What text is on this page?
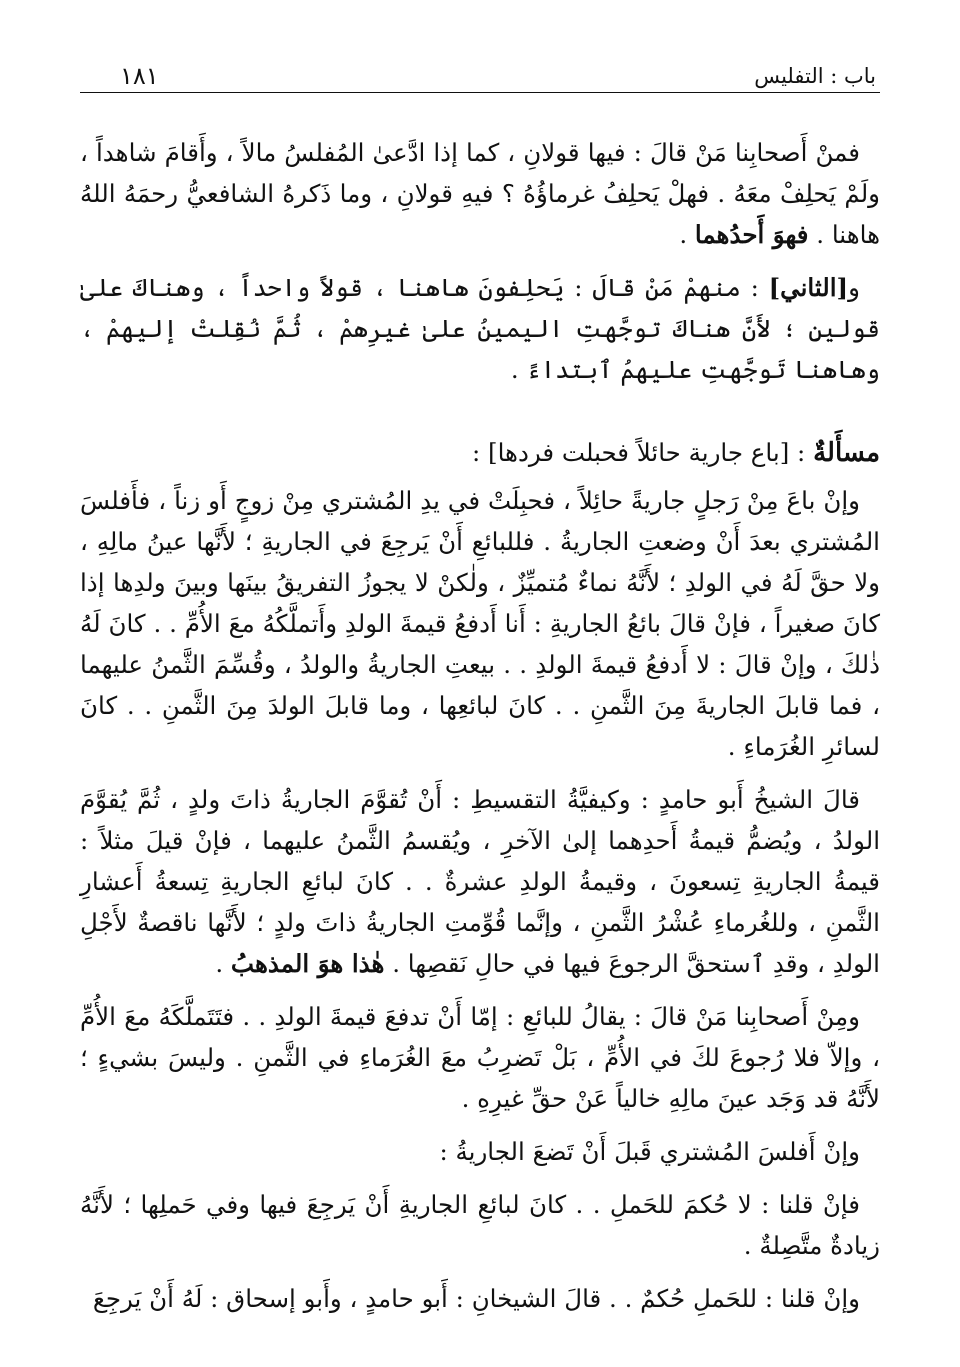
باب : التفليس
١٨١

فمنْ أَصحابِنا مَنْ قالَ : فيها قولانِ ، كما إذا ادَّعىٰ المُفلسُ مالاً ، وأَقامَ شاهداً ، ولَمْ يَحلِفْ معَهُ . فهلْ يَحلِفُ غرماؤُهُ ؟ فيهِ قولانِ ، وما ذَكرهُ الشافعيُّ رحمَهُ اللهُ هاهنا . فهوَ أَحدُهما .

و[الثاني] : منهمْ مَنْ قالَ : يَحلِفونَ هاهنا ، قولاً واحداً ، وهناكَ علىٰ قولينِ ؛ لأَنَّ هناكَ توجَّهتِ اليمينُ علىٰ غيرِهمْ ، ثُمَّ نُقِلتْ إليهمْ ، وهاهنا تَوجَّهتِ عليهمُ ٱبتداءً .

مسأَلةٌ : [باع جارية حائلاً فحبلت فردها] :

وإنْ باعَ مِنْ رَجلٍ جاريةً حائِلاً ، فحبِلَتْ في يدِ المُشتري مِنْ زوجٍ أَو زناً ، فأَفلسَ المُشتري بعدَ أَنْ وضعتِ الجاريةُ . فللبائعِ أَنْ يَرجِعَ في الجاريةِ ؛ لأَنَّها عينُ مالِهِ ، ولا حقَّ لَهُ في الولدِ ؛ لأَنَّهُ نماءٌ مُتميِّزٌ ، ولٰكنْ لا يجوزُ التفريقُ بينَها وبينَ ولدِها إذا كانَ صغيراً ، فإنْ قالَ بائعُ الجاريةِ : أَنا أَدفعُ قيمةَ الولدِ وأَتملَّكُهُ معَ الأُمِّ . . كانَ لَهُ ذٰلكَ ، وإنْ قالَ : لا أَدفعُ قيمةَ الولدِ . . بيعتِ الجاريةُ والولدُ ، وقُسِّمَ الثَّمنُ عليهما ، فما قابلَ الجاريةَ مِنَ الثَّمنِ . . كانَ لبائعِها ، وما قابلَ الولدَ مِنَ الثَّمنِ . . كانَ لسائرِ الغُرَماءِ .

قالَ الشيخُ أَبو حامدٍ : وكيفيَّةُ التقسيطِ : أَنْ تُقوَّمَ الجاريةُ ذاتَ ولدٍ ، ثُمَّ يُقوَّمَ الولدُ ، ويُضمُّ قيمةُ أَحدِهما إلىٰ الآخرِ ، ويُقسمُ الثَّمنُ عليهما ، فإنْ قيلَ مثلاً : قيمةُ الجاريةِ تِسعونَ ، وقيمةُ الولدِ عشرةٌ . . كانَ لبائعِ الجاريةِ تِسعةُ أَعشارِ الثَّمنِ ، وللغُرماءِ عُشْرُ الثَّمنِ ، وإنَّما قُوِّمتِ الجاريةُ ذاتَ ولدٍ ؛ لأَنَّها ناقصةٌ لأَجْلِ الولدِ ، وقدِ ٱستحقَّ الرجوعَ فيها في حالِ نَقصِها . هٰذا هوَ المذهبُ .

ومِنْ أَصحابِنا مَنْ قالَ : يقالُ للبائعِ : إمّا أَنْ تدفعَ قيمةَ الولدِ . . فتَتَملَّكَهُ معَ الأُمِّ ، وإلاّ فلا رُجوعَ لكَ في الأُمِّ ، بَلْ تَضرِبُ معَ الغُرَماءِ في الثَّمنِ . وليسَ بشيءٍ ؛ لأَنَّهُ قد وَجَد عينَ مالِهِ خالياً عَنْ حقِّ غيرِهِ .

وإنْ أَفلسَ المُشتري قَبلَ أَنْ تَضعَ الجاريةُ :

فإنْ قلنا : لا حُكمَ للحَملِ . . كانَ لبائعِ الجاريةِ أَنْ يَرجِعَ فيها وفي حَملِها ؛ لأَنَّهُ زيادةٌ متَّصِلةٌ .

وإنْ قلنا : للحَملِ حُكمٌ . . قالَ الشيخانِ : أَبو حامدٍ ، وأَبو إسحاق : لَهُ أَنْ يَرجِعَ
